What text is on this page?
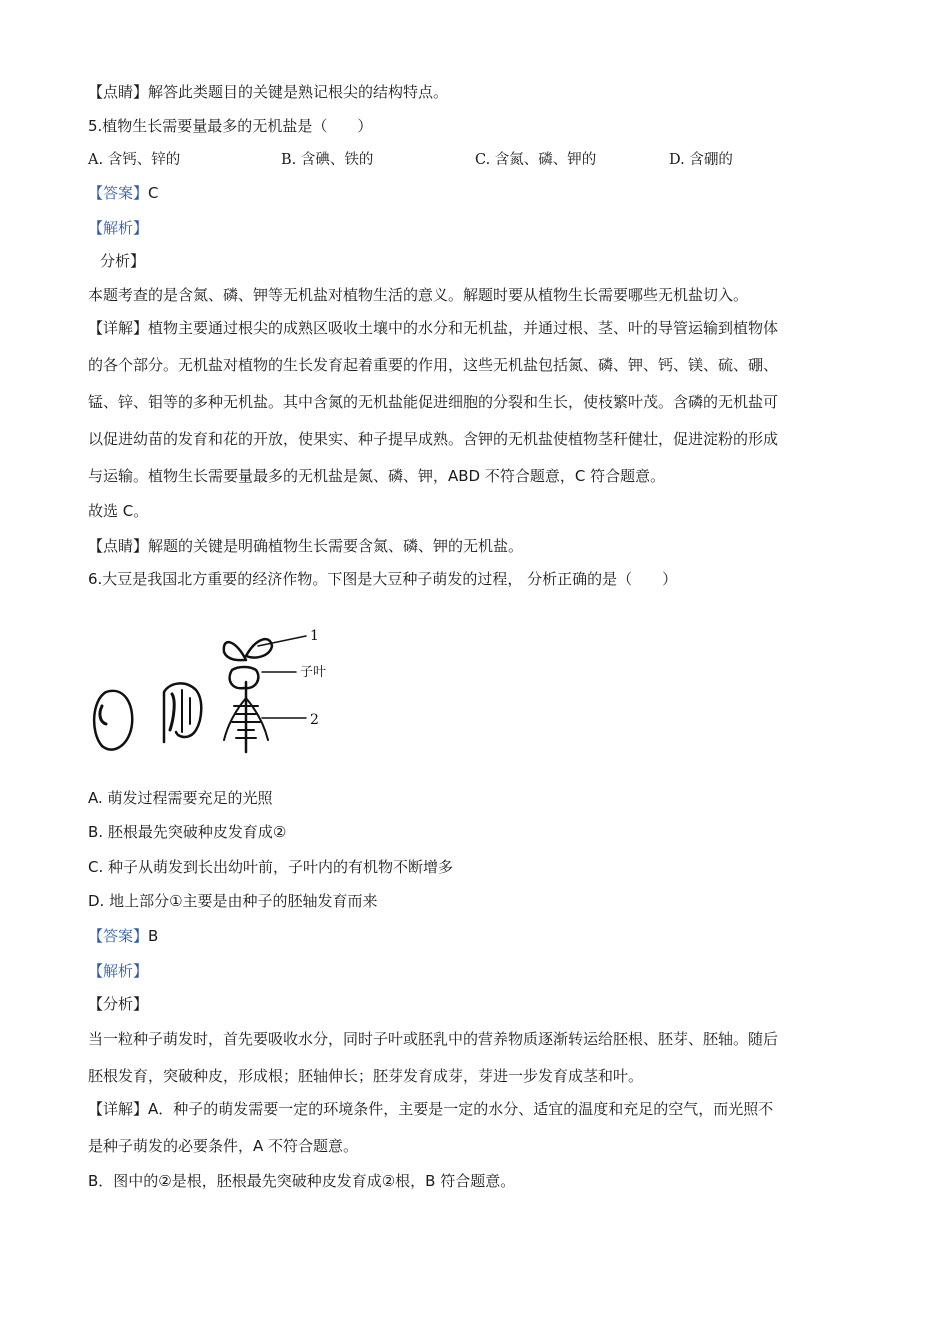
【点睛】解答此类题目的关键是熟记根尖的结构特点。
5.植物生长需要量最多的无机盐是（　　）
A. 含钙、锌的	B. 含碘、铁的	C. 含氮、磷、钾的	D. 含硼的
【答案】C
【解析】
分析】
本题考查的是含氮、磷、钾等无机盐对植物生活的意义。解题时要从植物生长需要哪些无机盐切入。
【详解】植物主要通过根尖的成熟区吸收土壤中的水分和无机盐，并通过根、茎、叶的导管运输到植物体
的各个部分。无机盐对植物的生长发育起着重要的作用，这些无机盐包括氮、磷、钾、钙、镁、硫、硼、
锰、锌、钼等的多种无机盐。其中含氮的无机盐能促进细胞的分裂和生长，使枝繁叶茂。含磷的无机盐可
以促进幼苗的发育和花的开放，使果实、种子提早成熟。含钾的无机盐使植物茎秆健壮，促进淀粉的形成
与运输。植物生长需要量最多的无机盐是氮、磷、钾，ABD 不符合题意，C 符合题意。
故选 C。
【点睛】解题的关键是明确植物生长需要含氮、磷、钾的无机盐。
6.大豆是我国北方重要的经济作物。下图是大豆种子萌发的过程， 分析正确的是（　　）
1
子叶
2
A. 萌发过程需要充足的光照
B. 胚根最先突破种皮发育成②
C. 种子从萌发到长出幼叶前，子叶内的有机物不断增多
D. 地上部分①主要是由种子的胚轴发育而来
【答案】B
【解析】
【分析】
当一粒种子萌发时，首先要吸收水分，同时子叶或胚乳中的营养物质逐渐转运给胚根、胚芽、胚轴。随后
胚根发育，突破种皮，形成根；胚轴伸长；胚芽发育成芽，芽进一步发育成茎和叶。
【详解】A．种子的萌发需要一定的环境条件，主要是一定的水分、适宜的温度和充足的空气，而光照不
是种子萌发的必要条件，A 不符合题意。
B．图中的②是根，胚根最先突破种皮发育成②根，B 符合题意。
